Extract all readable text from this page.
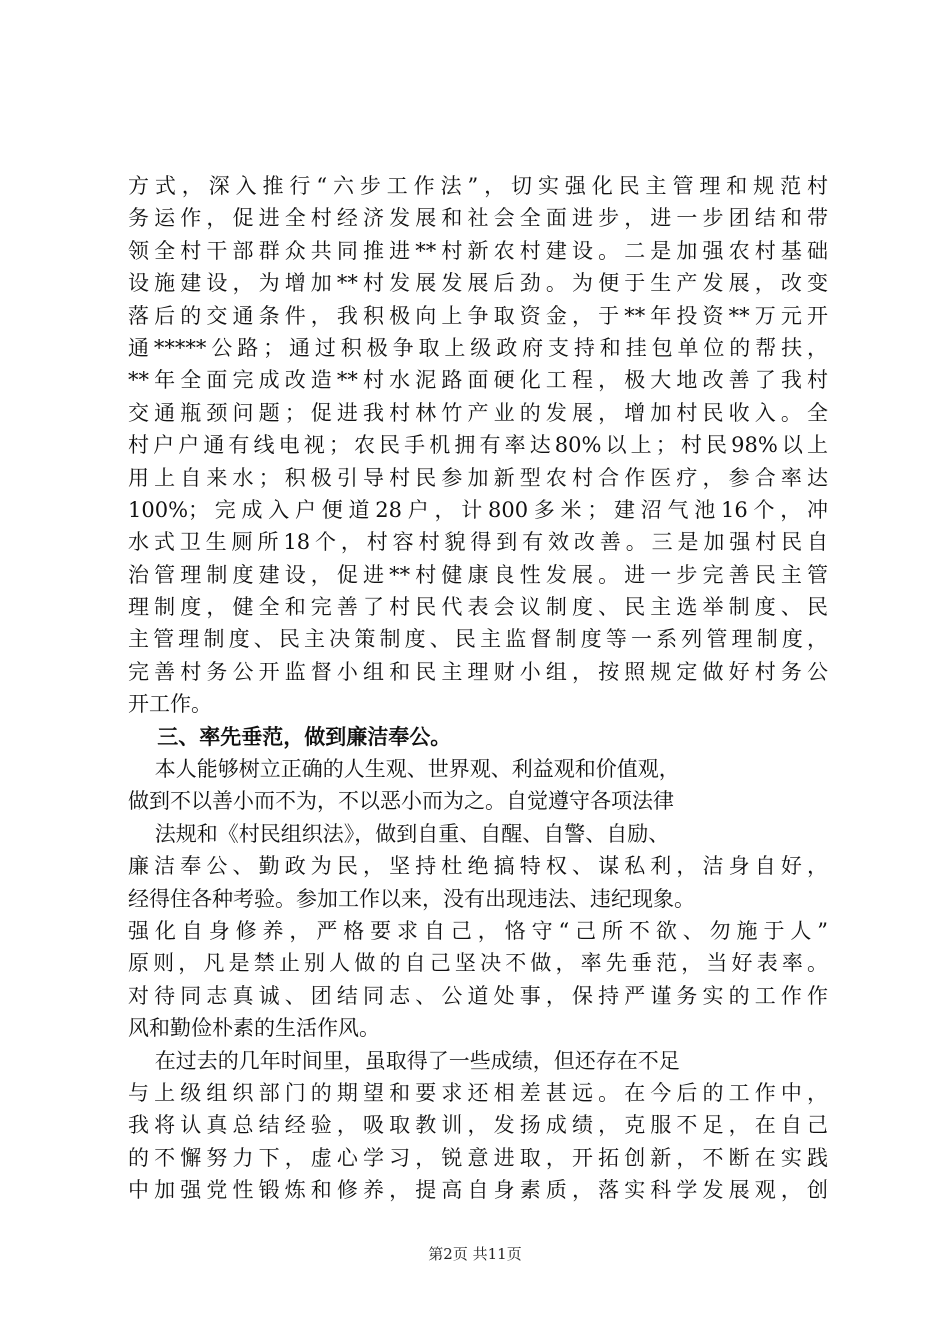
方式，深入推行“六步工作法”，切实强化民主管理和规范村
务运作，促进全村经济发展和社会全面进步，进一步团结和带
领全村干部群众共同推进**村新农村建设。二是加强农村基础
设施建设，为增加**村发展发展后劲。为便于生产发展，改变
落后的交通条件，我积极向上争取资金，于**年投资**万元开
通*****公路；通过积极争取上级政府支持和挂包单位的帮扶，
**年全面完成改造**村水泥路面硬化工程，极大地改善了我村
交通瓶颈问题；促进我村林竹产业的发展，增加村民收入。全
村户户通有线电视；农民手机拥有率达80%以上；村民98%以上
用上自来水；积极引导村民参加新型农村合作医疗，参合率达
100%；完成入户便道28户，计800多米；建沼气池16个，冲
水式卫生厕所18个，村容村貌得到有效改善。三是加强村民自
治管理制度建设，促进**村健康良性发展。进一步完善民主管
理制度，健全和完善了村民代表会议制度、民主选举制度、民
主管理制度、民主决策制度、民主监督制度等一系列管理制度，
完善村务公开监督小组和民主理财小组，按照规定做好村务公
开工作。
三、率先垂范，做到廉洁奉公。
本人能够树立正确的人生观、世界观、利益观和价值观，
做到不以善小而不为，不以恶小而为之。自觉遵守各项法律
法规和《村民组织法》，做到自重、自醒、自警、自励、
廉洁奉公、勤政为民，坚持杜绝搞特权、谋私利，洁身自好，
经得住各种考验。参加工作以来，没有出现违法、违纪现象。
强化自身修养，严格要求自己，恪守“己所不欲、勿施于人”
原则，凡是禁止别人做的自己坚决不做，率先垂范，当好表率。
对待同志真诚、团结同志、公道处事，保持严谨务实的工作作
风和勤俭朴素的生活作风。
在过去的几年时间里，虽取得了一些成绩，但还存在不足
与上级组织部门的期望和要求还相差甚远。在今后的工作中，
我将认真总结经验，吸取教训，发扬成绩，克服不足，在自己
的不懈努力下，虚心学习，锐意进取，开拓创新，不断在实践
中加强党性锻炼和修养，提高自身素质，落实科学发展观，创
第2页 共11页
